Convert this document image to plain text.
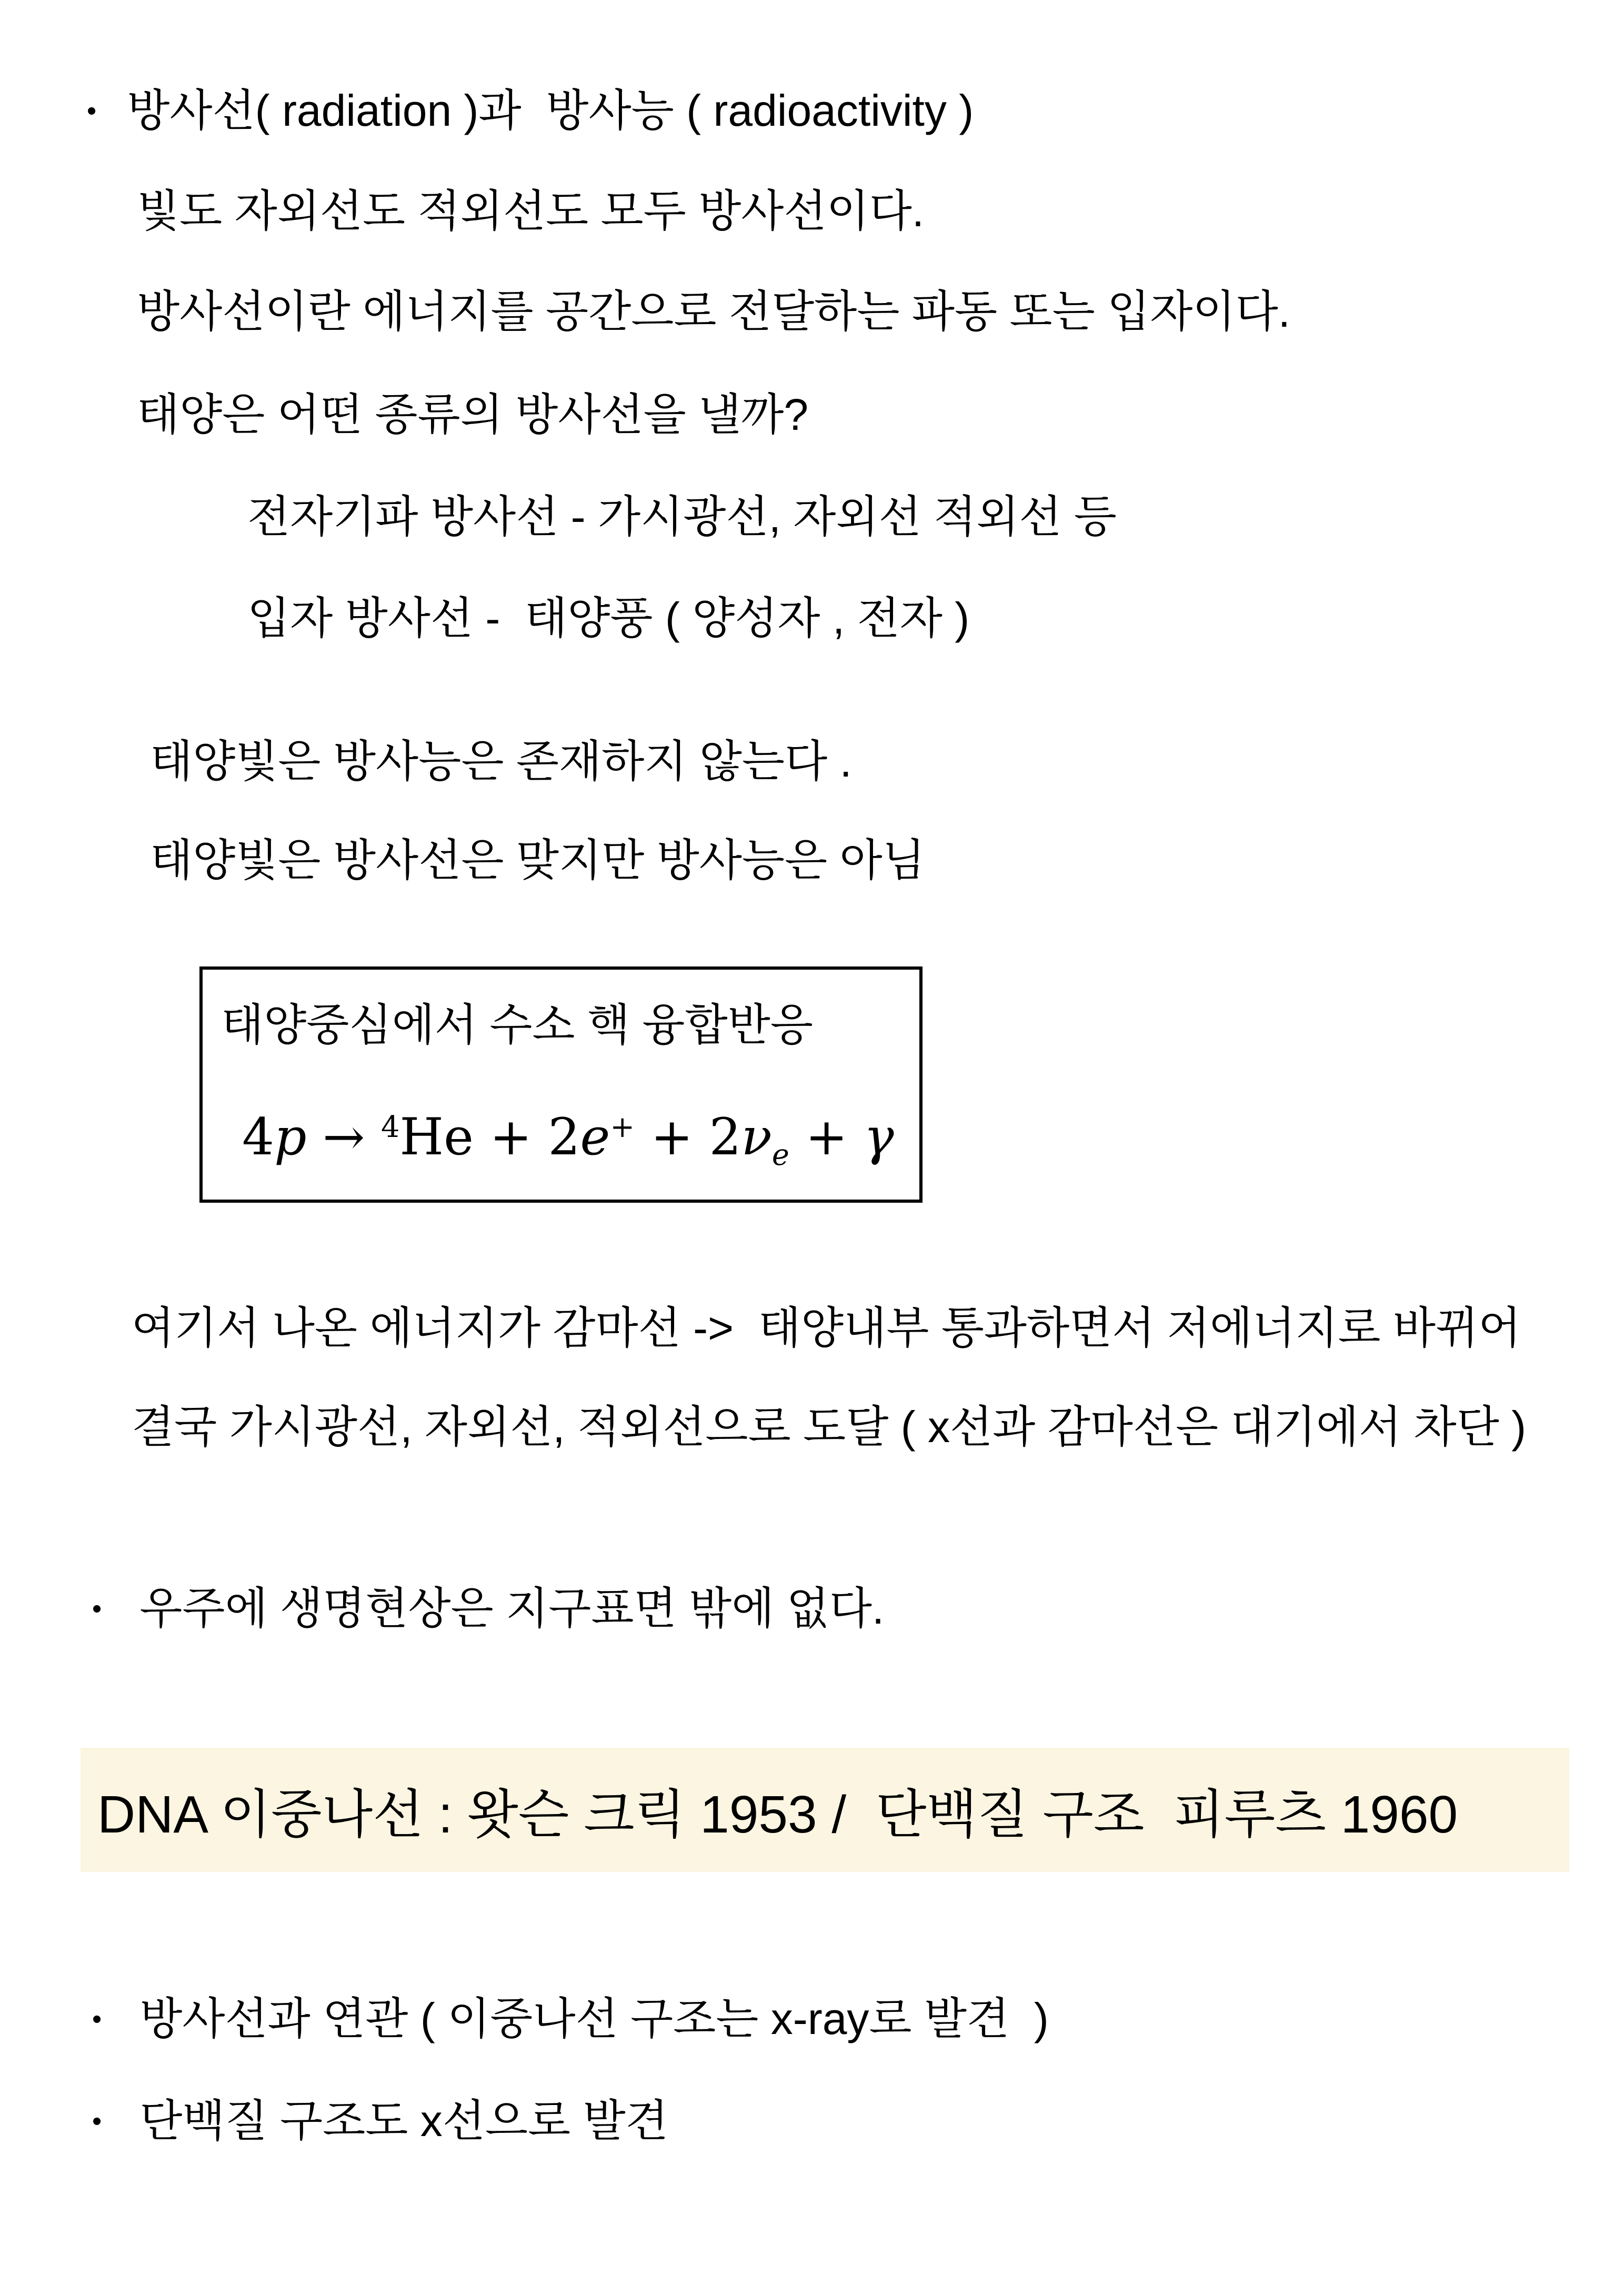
• 방사선( radiation )과  방사능 ( radioactivity )
빛도 자외선도 적외선도 모두 방사선이다.
방사선이란 에너지를 공간으로 전달하는 파동 또는 입자이다.
태양은 어떤 종류의 방사선을 낼까?
전자기파 방사선 - 가시광선, 자외선 적외선 등
입자 방사선 -  태양풍 ( 양성자 , 전자 )
태양빛은 방사능은 존재하지 않는다 .
태양빛은 방사선은 맞지만 방사능은 아님
태양중심에서 수소 핵 융합반응
$4p \to ^4He + 2e^+ + 2\nu_e + \gamma$
여기서 나온 에너지가 감마선 ->  태양내부 통과하면서 저에너지로 바뀌어
결국 가시광선, 자외선, 적외선으로 도달 ( x선과 감마선은 대기에서 차단 )
• 우주에 생명현상은 지구표면 밖에 없다.
DNA 이중나선 : 왓슨 크릭 1953 /  단백질 구조  피루츠 1960
• 방사선과 연관 ( 이중나선 구조는 x-ray로 발견  )
• 단백질 구조도 x선으로 발견
